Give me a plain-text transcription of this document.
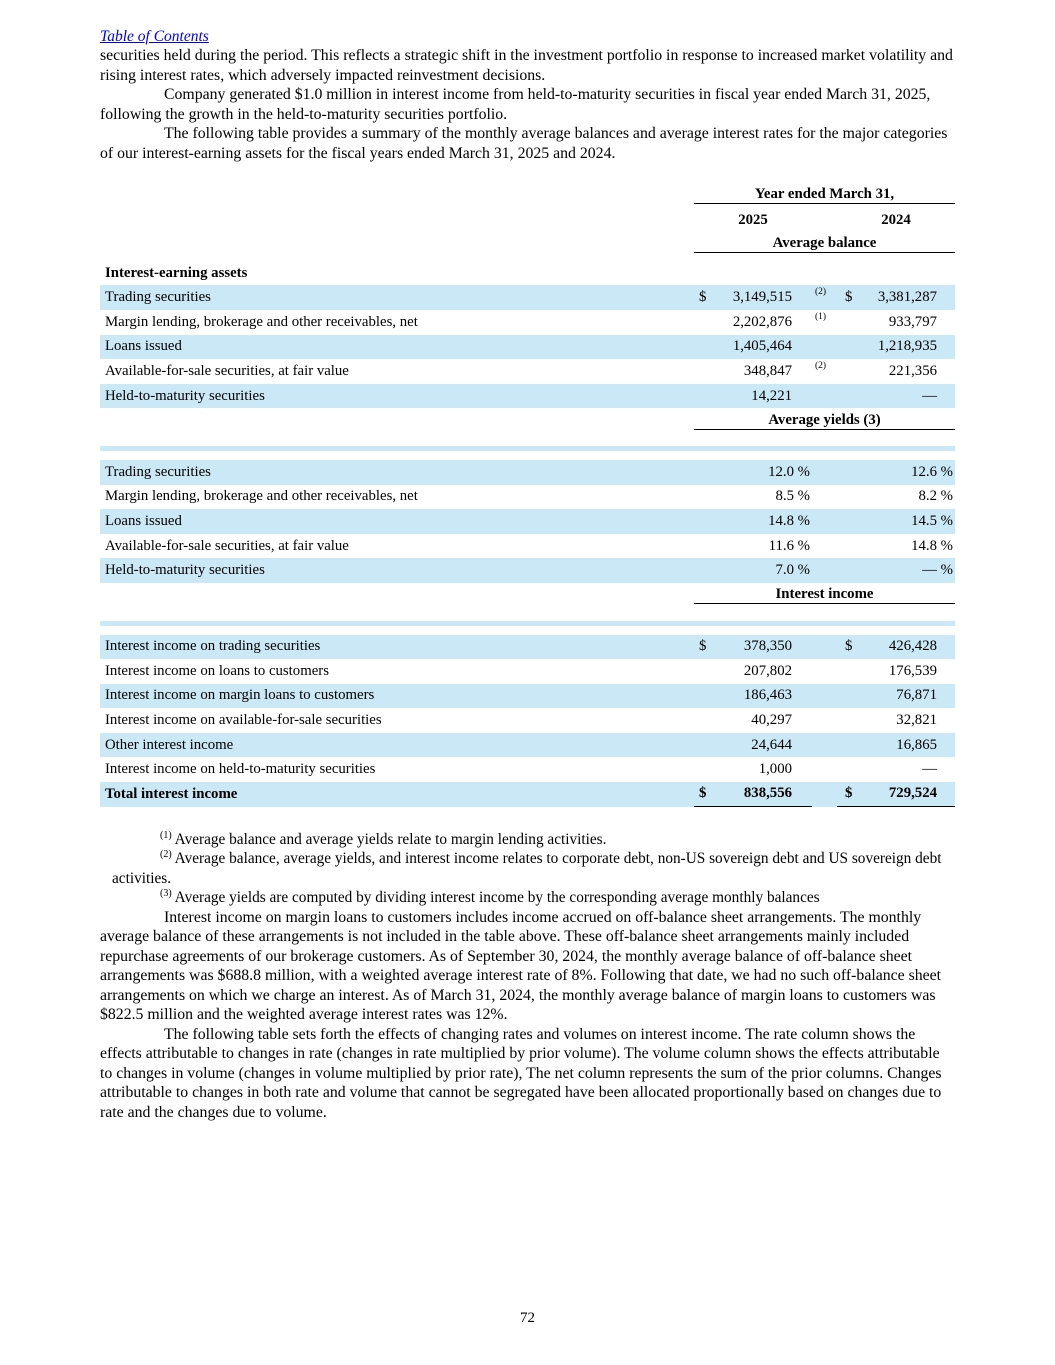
Table of Contents

securities held during the period. This reflects a strategic shift in the investment portfolio in response to increased market volatility and rising interest rates, which adversely impacted reinvestment decisions.

Company generated $1.0 million in interest income from held-to-maturity securities in fiscal year ended March 31, 2025, following the growth in the held-to-maturity securities portfolio.

The following table provides a summary of the monthly average balances and average interest rates for the major categories of our interest-earning assets for the fiscal years ended March 31, 2025 and 2024.

Year ended March 31,
2025	2024
Average balance
Interest-earning assets
Trading securities	$	3,149,515	(2) $	3,381,287
Margin lending, brokerage and other receivables, net	2,202,876	(1)	933,797
Loans issued	1,405,464	1,218,935
Available-for-sale securities, at fair value	348,847	(2)	221,356
Held-to-maturity securities	14,221	—
Average yields (3)
Trading securities	12.0 %	12.6 %
Margin lending, brokerage and other receivables, net	8.5 %	8.2 %
Loans issued	14.8 %	14.5 %
Available-for-sale securities, at fair value	11.6 %	14.8 %
Held-to-maturity securities	7.0 %	— %
Interest income
Interest income on trading securities	$	378,350	$	426,428
Interest income on loans to customers	207,802	176,539
Interest income on margin loans to customers	186,463	76,871
Interest income on available-for-sale securities	40,297	32,821
Other interest income	24,644	16,865
Interest income on held-to-maturity securities	1,000	—
Total interest income	$	838,556	$	729,524

$^{(1)}$ Average balance and average yields relate to margin lending activities.

$^{(2)}$ Average balance, average yields, and interest income relates to corporate debt, non-US sovereign debt and US sovereign debt activities.

$^{(3)}$ Average yields are computed by dividing interest income by the corresponding average monthly balances

Interest income on margin loans to customers includes income accrued on off-balance sheet arrangements. The monthly average balance of these arrangements is not included in the table above. These off-balance sheet arrangements mainly included repurchase agreements of our brokerage customers. As of September 30, 2024, the monthly average balance of off-balance sheet arrangements was $688.8 million, with a weighted average interest rate of 8%. Following that date, we had no such off-balance sheet arrangements on which we charge an interest. As of March 31, 2024, the monthly average balance of margin loans to customers was $822.5 million and the weighted average interest rates was 12%.

The following table sets forth the effects of changing rates and volumes on interest income. The rate column shows the effects attributable to changes in rate (changes in rate multiplied by prior volume). The volume column shows the effects attributable to changes in volume (changes in volume multiplied by prior rate), The net column represents the sum of the prior columns. Changes attributable to changes in both rate and volume that cannot be segregated have been allocated proportionally based on changes due to rate and the changes due to volume.

72
